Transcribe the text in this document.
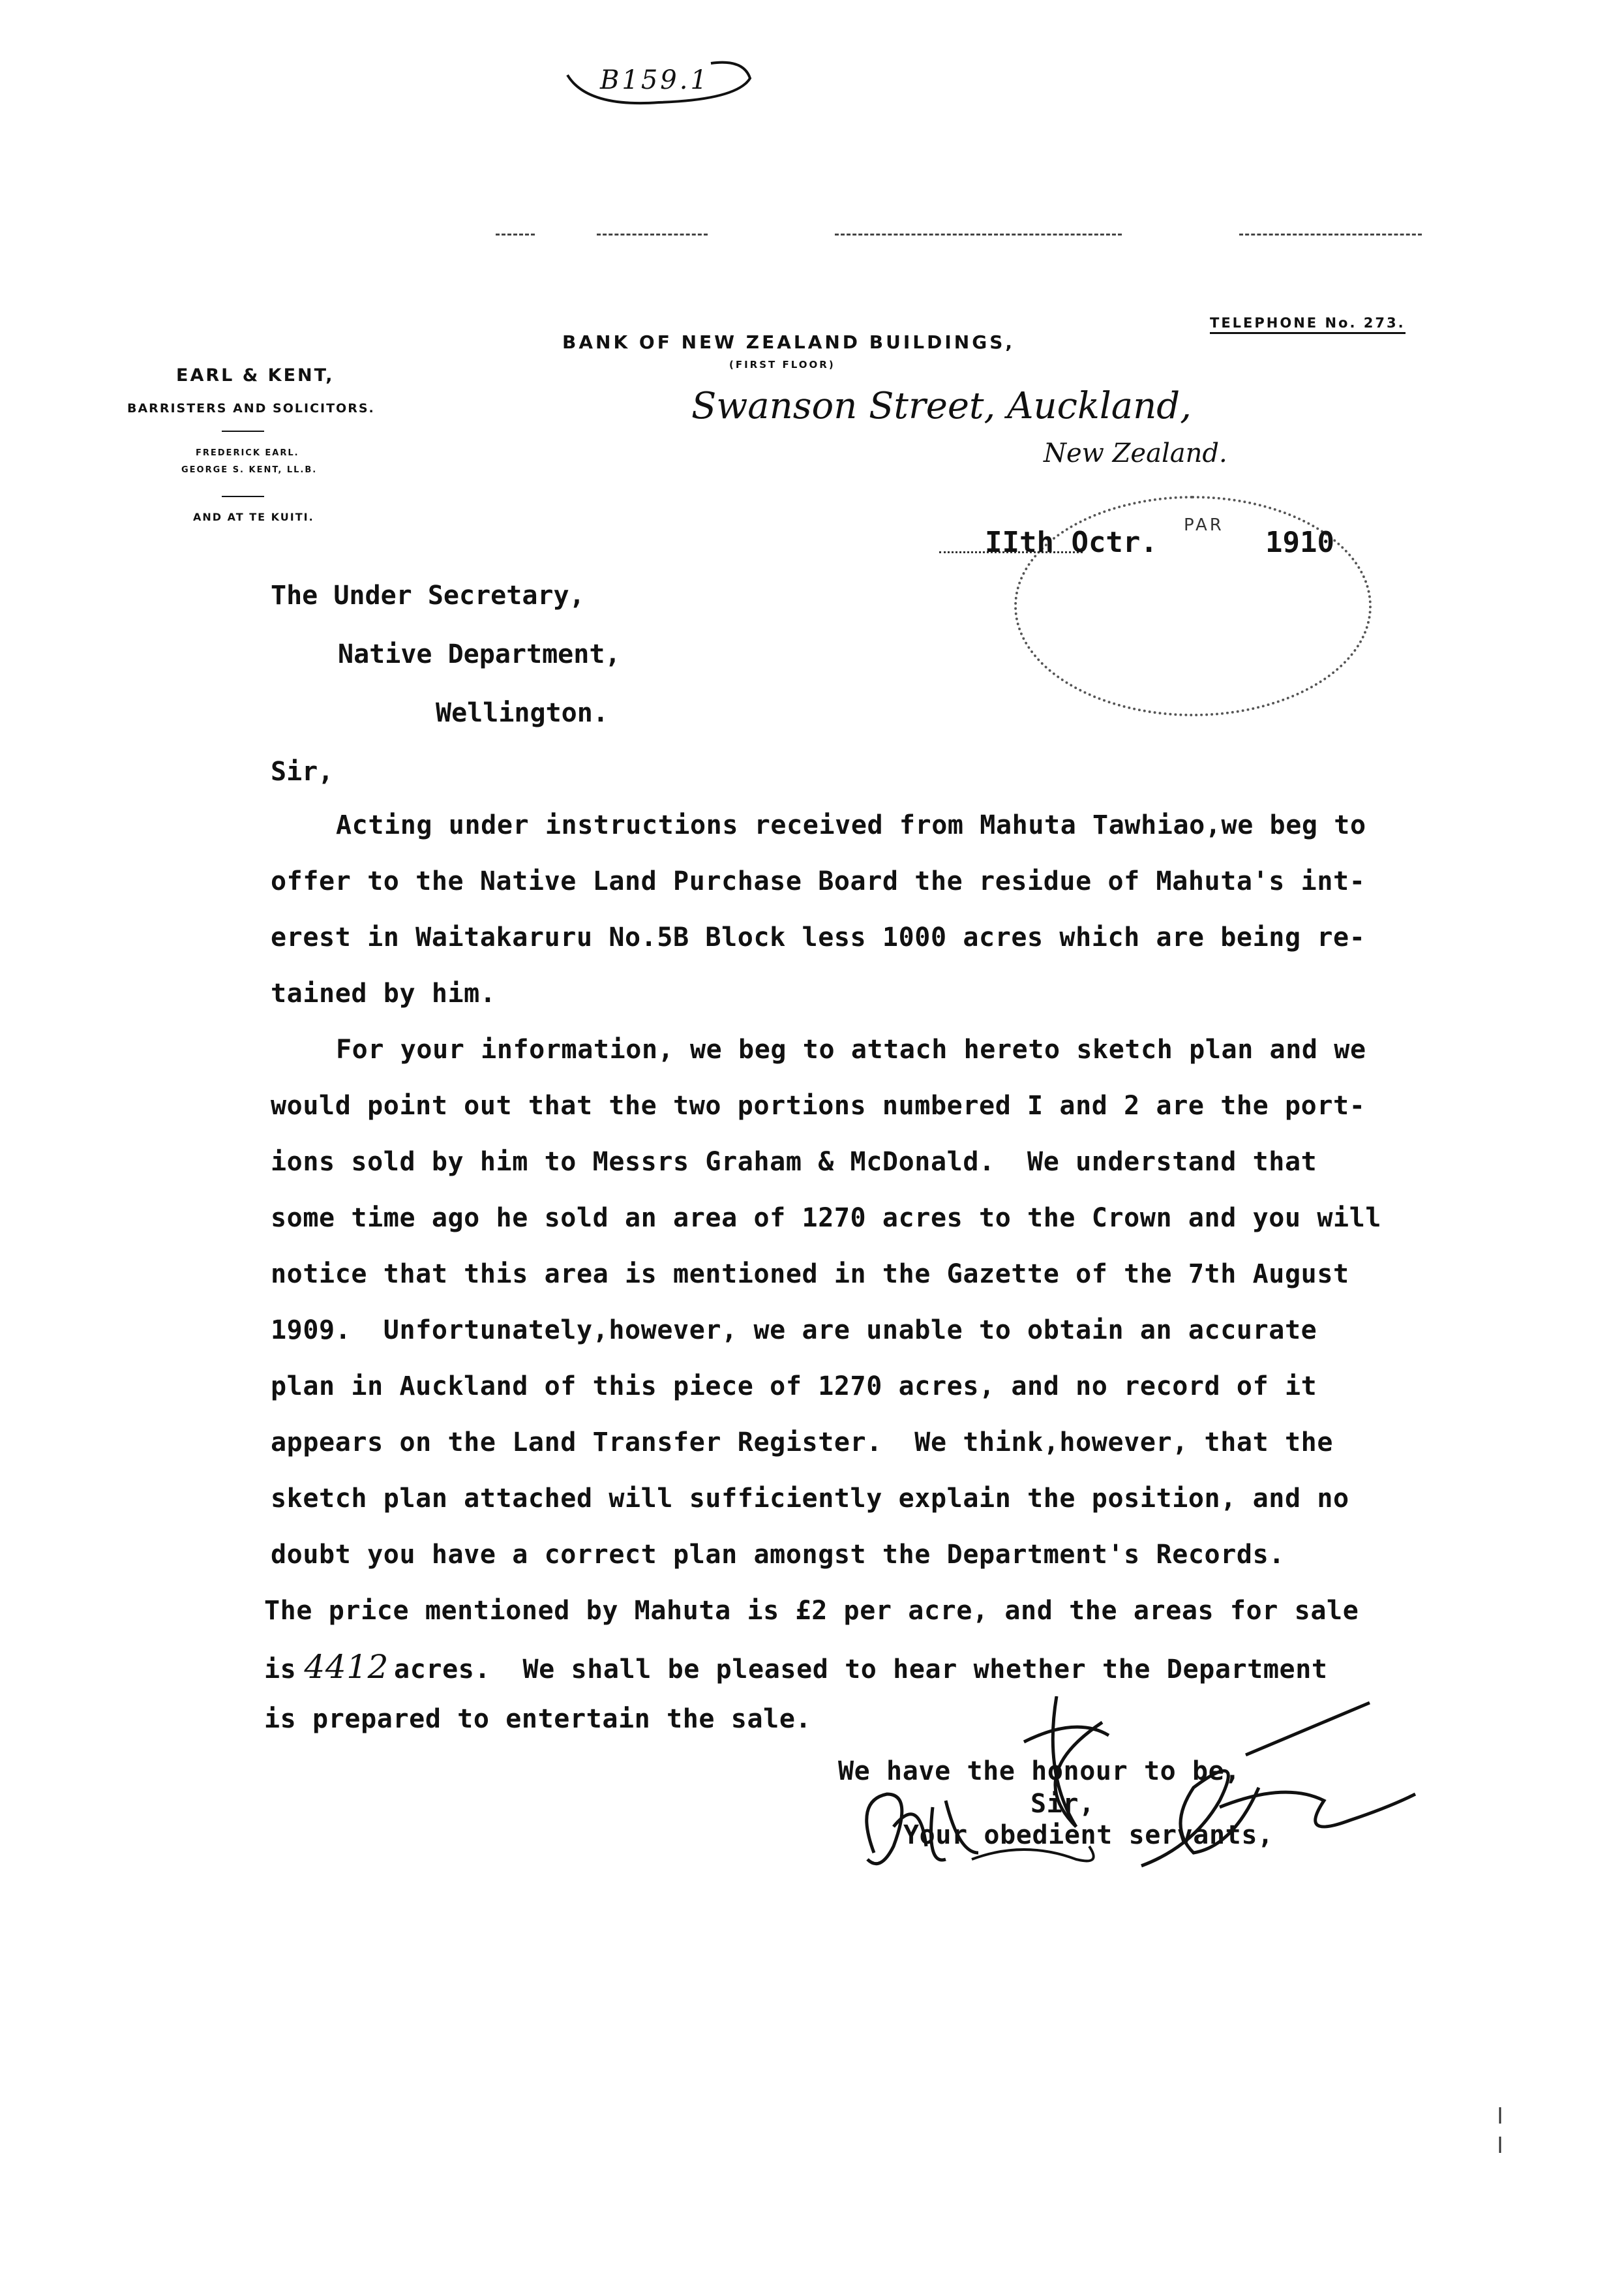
B159.1
TELEPHONE No. 273.
BANK OF NEW ZEALAND BUILDINGS,
(FIRST FLOOR)
EARL & KENT,
BARRISTERS AND SOLICITORS.
FREDERICK EARL.
GEORGE S. KENT, LL.B.
AND AT TE KUITI.
Swanson Street, Auckland,
New Zealand.
PAR
IIth Octr.	1910
The Under Secretary,
Native Department,
Wellington.
Sir,
Acting under instructions received from Mahuta Tawhiao,we beg to
offer to the Native Land Purchase Board the residue of Mahuta's int-
erest in Waitakaruru No.5B Block less 1000 acres which are being re-
tained by him.
For your information, we beg to attach hereto sketch plan and we
would point out that the two portions numbered I and 2 are the port-
ions sold by him to Messrs Graham & McDonald.  We understand that
some time ago he sold an area of 1270 acres to the Crown and you will
notice that this area is mentioned in the Gazette of the 7th August
1909.  Unfortunately,however, we are unable to obtain an accurate
plan in Auckland of this piece of 1270 acres, and no record of it
appears on the Land Transfer Register.  We think,however, that the
sketch plan attached will sufficiently explain the position, and no
doubt you have a correct plan amongst the Department's Records.
The price mentioned by Mahuta is £2 per acre, and the areas for sale
is 4412 acres.  We shall be pleased to hear whether the Department
is prepared to entertain the sale.
We have the honour to be,
Sir,
Your obedient servants,
